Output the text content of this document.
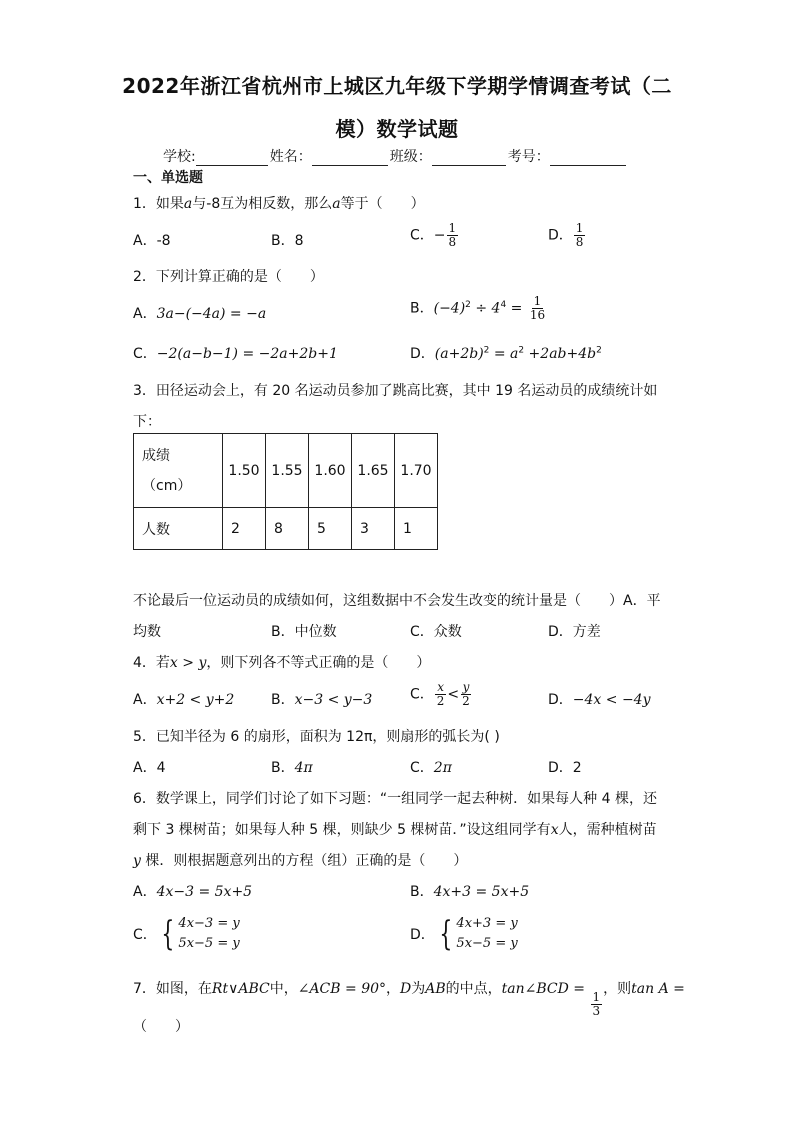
2022年浙江省杭州市上城区九年级下学期学情调查考试（二
模）数学试题
学校:	姓名：	班级：	考号：
一、单选题
1．如果a与-8互为相反数，那么a等于（　　）
A．-8	B．8	C．− $\frac{1}{8}$	D． $\frac{1}{8}$
2．下列计算正确的是（　　）
A．3a−(−4a) = −a	B．$(-4)^2 \div 4^4 = \frac{1}{16}$
C．−2(a−b−1) = −2a+2b+1	D．$(a+2b)^2 = a^2 +2ab+4b^2$
3．田径运动会上，有 20 名运动员参加了跳高比赛，其中 19 名运动员的成绩统计如
下：
成绩
（cm）	1.50	1.55	1.60	1.65	1.70
人数	2	8	5	3	1
不论最后一位运动员的成绩如何，这组数据中不会发生改变的统计量是（　　）A．平
均数	B．中位数	C．众数	D．方差
4．若x > y，则下列各不等式正确的是（　　）
A．x+2 < y+2	B．x−3 < y−3	C． $\frac{x}{2} < \frac{y}{2}$	D．−4x < −4y
5．已知半径为 6 的扇形，面积为 12π，则扇形的弧长为( )
A．4	B．4π	C．2π	D．2
6．数学课上，同学们讨论了如下习题：“一组同学一起去种树．如果每人种 4 棵，还
剩下 3 棵树苗；如果每人种 5 棵，则缺少 5 棵树苗．”设这组同学有x人，需种植树苗
y 棵．则根据题意列出的方程（组）正确的是（　　）
A．4x−3 = 5x+5	B．4x+3 = 5x+5
C． { 4x−3 = y
5x−5 = y
D． { 4x+3 = y
5x−5 = y
7．如图，在Rt∨ABC中，∠ACB = 90°，D为AB的中点，tan∠BCD =
$\frac{1}{3}$
，则tan A =
（　　）
